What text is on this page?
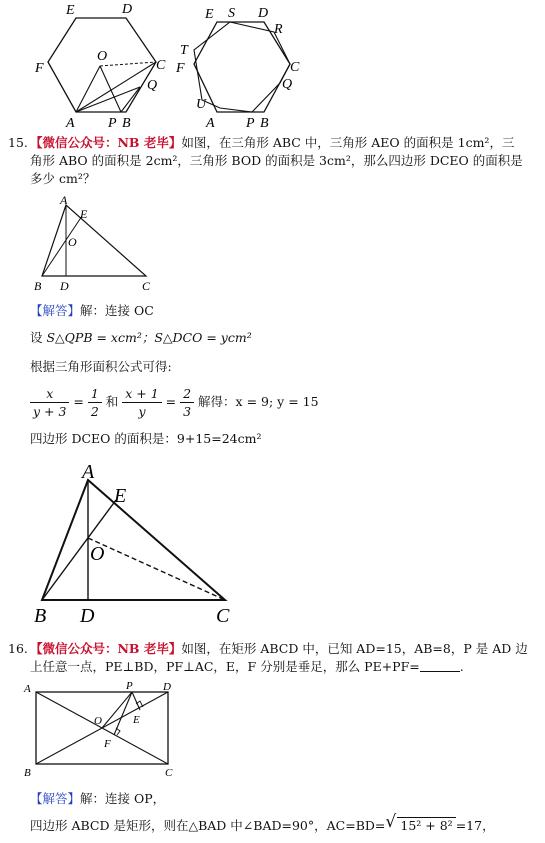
E	D
F
O
C
Q
A P B
E S D
R
T
F	C
Q
U
A P B
15. 【微信公众号：NB 老毕】如图，在三角形 ABC 中，三角形 AEO 的面积是 1cm²，三
角形 ABO 的面积是 2cm²，三角形 BOD 的面积是 3cm²，那么四边形 DCEO 的面积是
多少 cm²？
A
E
O
B D	C
【解答】解：连接 OC
设 S△QPB = xcm²；S△DCO = ycm²
根据三角形面积公式可得:
$\frac{x}{y + 3} = \frac{1}{2}$ 和 $\frac{x + 1}{y} = \frac{2}{3}$ 解得：x = 9; y = 15
四边形 DCEO 的面积是：9+15=24cm²
A
E
O
B D	C
16. 【微信公众号：NB 老毕】如图，在矩形 ABCD 中，已知 AD=15，AB=8，P 是 AD 边
上任意一点，PE⊥BD，PF⊥AC，E，F 分别是垂足，那么 PE+PF=	.
A	P	D
O	E
F
B	C
【解答】解：连接 OP，
四边形 ABCD 是矩形，则在△BAD 中∠BAD=90°，AC=BD= √ 15² + 8² =17，
